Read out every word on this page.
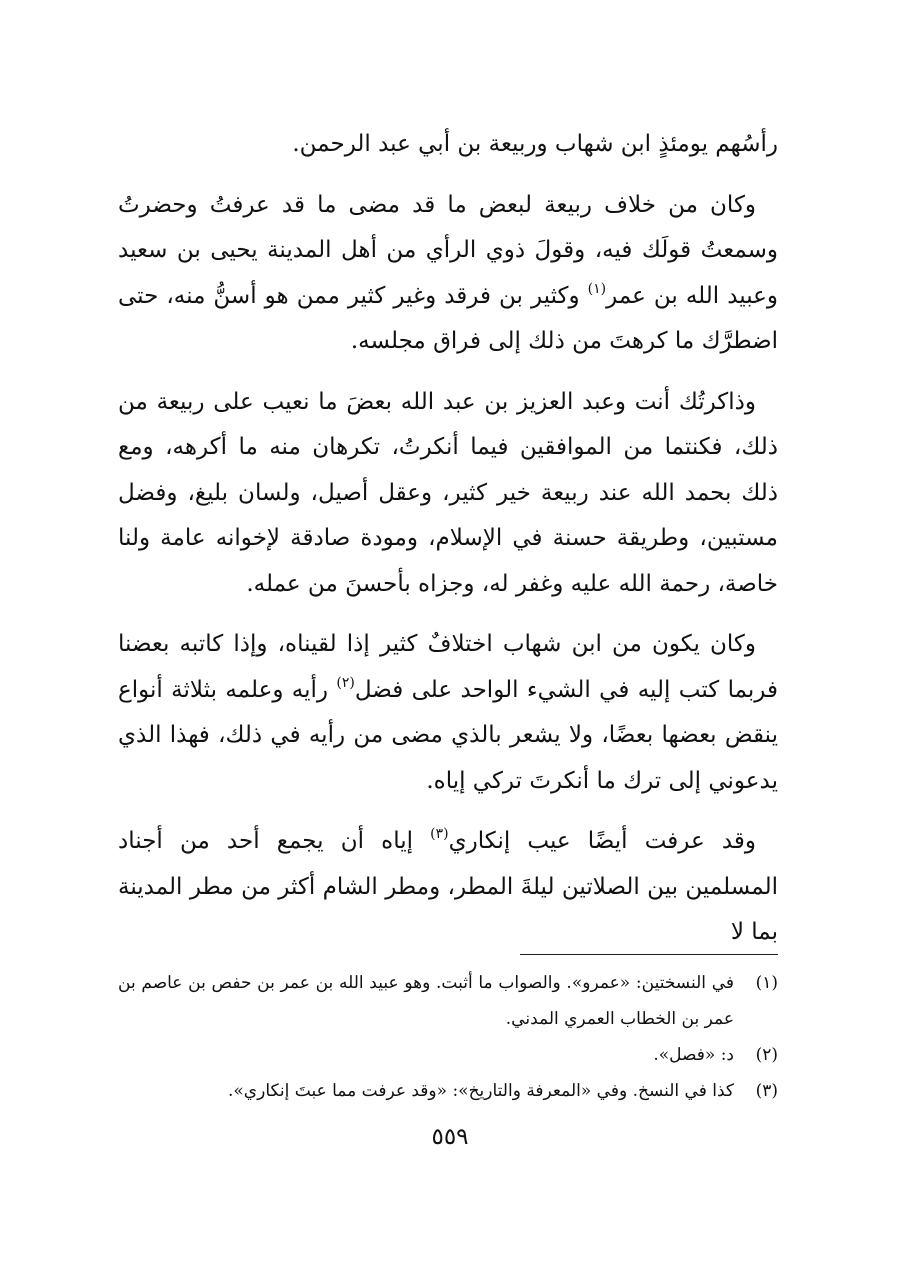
رأسُهم يومئذٍ ابن شهاب وربيعة بن أبي عبد الرحمن.

وكان من خلاف ربيعة لبعض ما قد مضى ما قد عرفتُ وحضرتُ وسمعتُ قولَك فيه، وقولَ ذوي الرأي من أهل المدينة يحيى بن سعيد وعبيد الله بن عمر$^{(١)}$ وكثير بن فرقد وغير كثير ممن هو أسنُّ منه، حتى اضطرَّك ما كرهتَ من ذلك إلى فراق مجلسه.

وذاكرتُك أنت وعبد العزيز بن عبد الله بعضَ ما نعيب على ربيعة من ذلك، فكنتما من الموافقين فيما أنكرتُ، تكرهان منه ما أكرهه، ومع ذلك بحمد الله عند ربيعة خير كثير، وعقل أصيل، ولسان بليغ، وفضل مستبين، وطريقة حسنة في الإسلام، ومودة صادقة لإخوانه عامة ولنا خاصة، رحمة الله عليه وغفر له، وجزاه بأحسنَ من عمله.

وكان يكون من ابن شهاب اختلافٌ كثير إذا لقيناه، وإذا كاتبه بعضنا فربما كتب إليه في الشيء الواحد على فضل$^{(٢)}$ رأيه وعلمه بثلاثة أنواع ينقض بعضها بعضًا، ولا يشعر بالذي مضى من رأيه في ذلك، فهذا الذي يدعوني إلى ترك ما أنكرتَ تركي إياه.

وقد عرفت أيضًا عيب إنكاري$^{(٣)}$ إياه أن يجمع أحد من أجناد المسلمين بين الصلاتين ليلةَ المطر، ومطر الشام أكثر من مطر المدينة بما لا

(١)
في النسختين: «عمرو». والصواب ما أثبت. وهو عبيد الله بن عمر بن حفص بن عاصم بن عمر بن الخطاب العمري المدني.
(٢)
د: «فصل».
(٣)
كذا في النسخ. وفي «المعرفة والتاريخ»: «وقد عرفت مما عبتَ إنكاري».
٥٥٩
